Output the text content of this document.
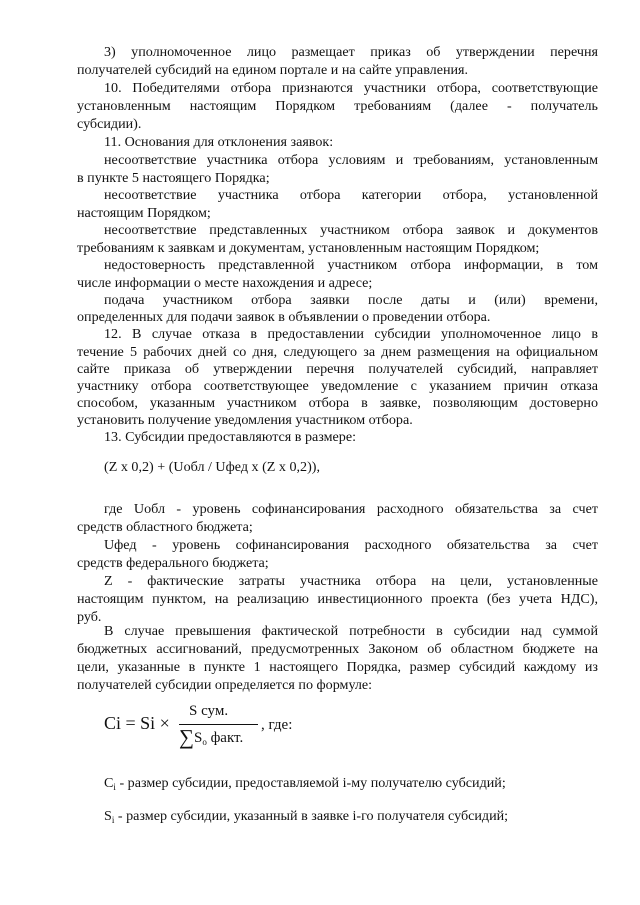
3) уполномоченное лицо размещает приказ об утверждении перечня
получателей субсидий на едином портале и на сайте управления.
10. Победителями отбора признаются участники отбора, соответствующие
установленным настоящим Порядком требованиям (далее - получатель
субсидии).
11. Основания для отклонения заявок:
несоответствие участника отбора условиям и требованиям, установленным
в пункте 5 настоящего Порядка;
несоответствие участника отбора категории отбора, установленной
настоящим Порядком;
несоответствие представленных участником отбора заявок и документов
требованиям к заявкам и документам, установленным настоящим Порядком;
недостоверность представленной участником отбора информации, в том
числе информации о месте нахождения и адресе;
подача участником отбора заявки после даты и (или) времени,
определенных для подачи заявок в объявлении о проведении отбора.
12. В случае отказа в предоставлении субсидии уполномоченное лицо в
течение 5 рабочих дней со дня, следующего за днем размещения на официальном
сайте приказа об утверждении перечня получателей субсидий, направляет
участнику отбора соответствующее уведомление с указанием причин отказа
способом, указанным участником отбора в заявке, позволяющим достоверно
установить получение уведомления участником отбора.
13. Субсидии предоставляются в размере:
(Z x 0,2) + (Uобл / Uфед x (Z x 0,2)),
где Uобл - уровень софинансирования расходного обязательства за счет
средств областного бюджета;
Uфед - уровень софинансирования расходного обязательства за счет
средств федерального бюджета;
Z - фактические затраты участника отбора на цели, установленные
настоящим пунктом, на реализацию инвестиционного проекта (без учета НДС),
руб.
В случае превышения фактической потребности в субсидии над суммой
бюджетных ассигнований, предусмотренных Законом об областном бюджете на
цели, указанные в пункте 1 настоящего Порядка, размер субсидий каждому из
получателей субсидии определяется по формуле:
Ci = Si ×
S сум.
$\sum S_о$ факт.
, где:
$C_i$ - размер субсидии, предоставляемой i-му получателю субсидий;
$S_i$ - размер субсидии, указанный в заявке i-го получателя субсидий;
